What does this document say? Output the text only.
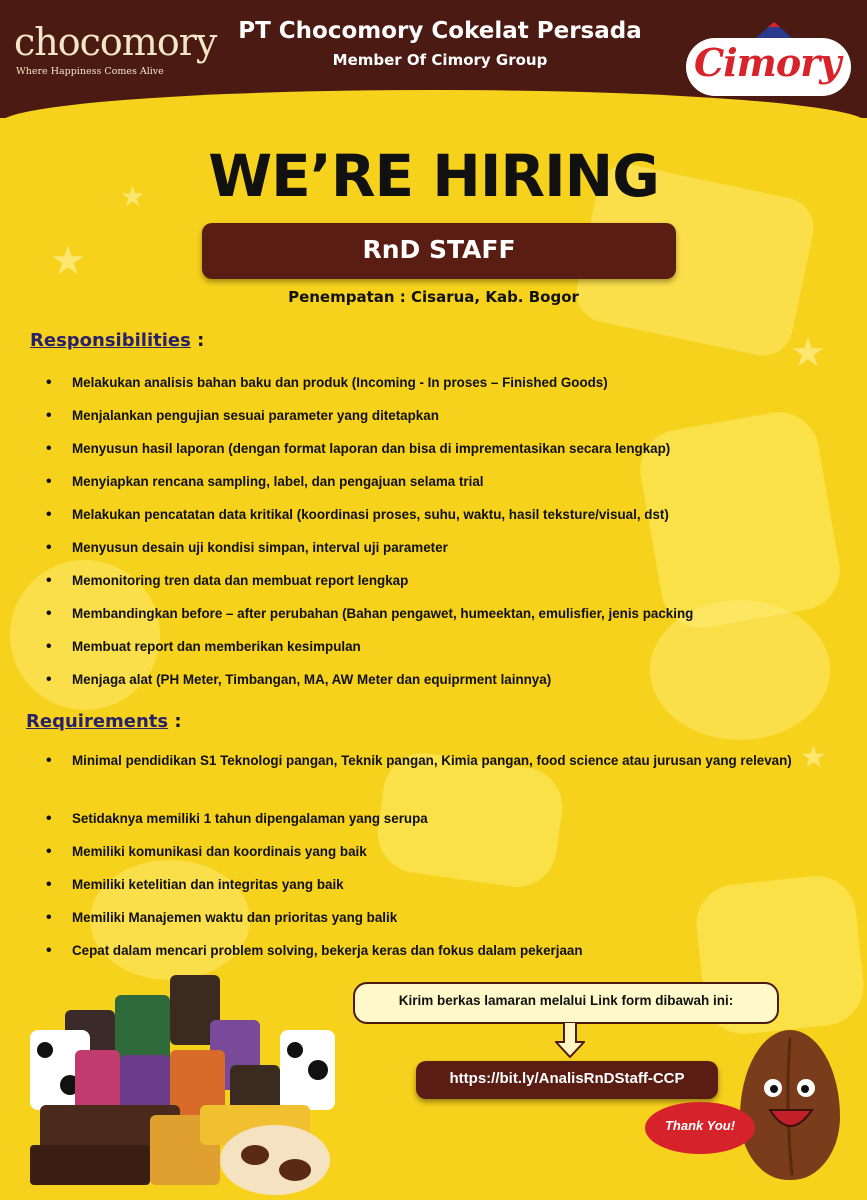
★
★
★
★
chocomory
Where Happiness Comes Alive
PT Chocomory Cokelat Persada
Member Of Cimory Group	Cimory
WE’RE HIRING
RnD STAFF
Penempatan : Cisarua, Kab. Bogor
Responsibilities :
• Melakukan analisis bahan baku dan produk (Incoming - In proses – Finished Goods)
• Menjalankan pengujian sesuai parameter yang ditetapkan
• Menyusun hasil laporan (dengan format laporan dan bisa di imprementasikan secara lengkap)
• Menyiapkan rencana sampling, label, dan pengajuan selama trial
• Melakukan pencatatan data kritikal (koordinasi proses, suhu, waktu, hasil teksture/visual, dst)
• Menyusun desain uji kondisi simpan, interval uji parameter
• Memonitoring tren data dan membuat report lengkap
• Membandingkan before – after perubahan (Bahan pengawet, humeektan, emulisfier, jenis packing
• Membuat report dan memberikan kesimpulan
• Menjaga alat (PH Meter, Timbangan, MA, AW Meter dan equiprment lainnya)
Requirements :
• Minimal pendidikan S1 Teknologi pangan, Teknik pangan, Kimia pangan, food science atau jurusan yang relevan)
• Setidaknya memiliki 1 tahun dipengalaman yang serupa
• Memiliki komunikasi dan koordinais yang baik
• Memiliki ketelitian dan integritas yang baik
• Memiliki Manajemen waktu dan prioritas yang balik
• Cepat dalam mencari problem solving, bekerja keras dan fokus dalam pekerjaan
Kirim berkas lamaran melalui Link form dibawah ini:
https://bit.ly/AnalisRnDStaff-CCP
Thank You!
